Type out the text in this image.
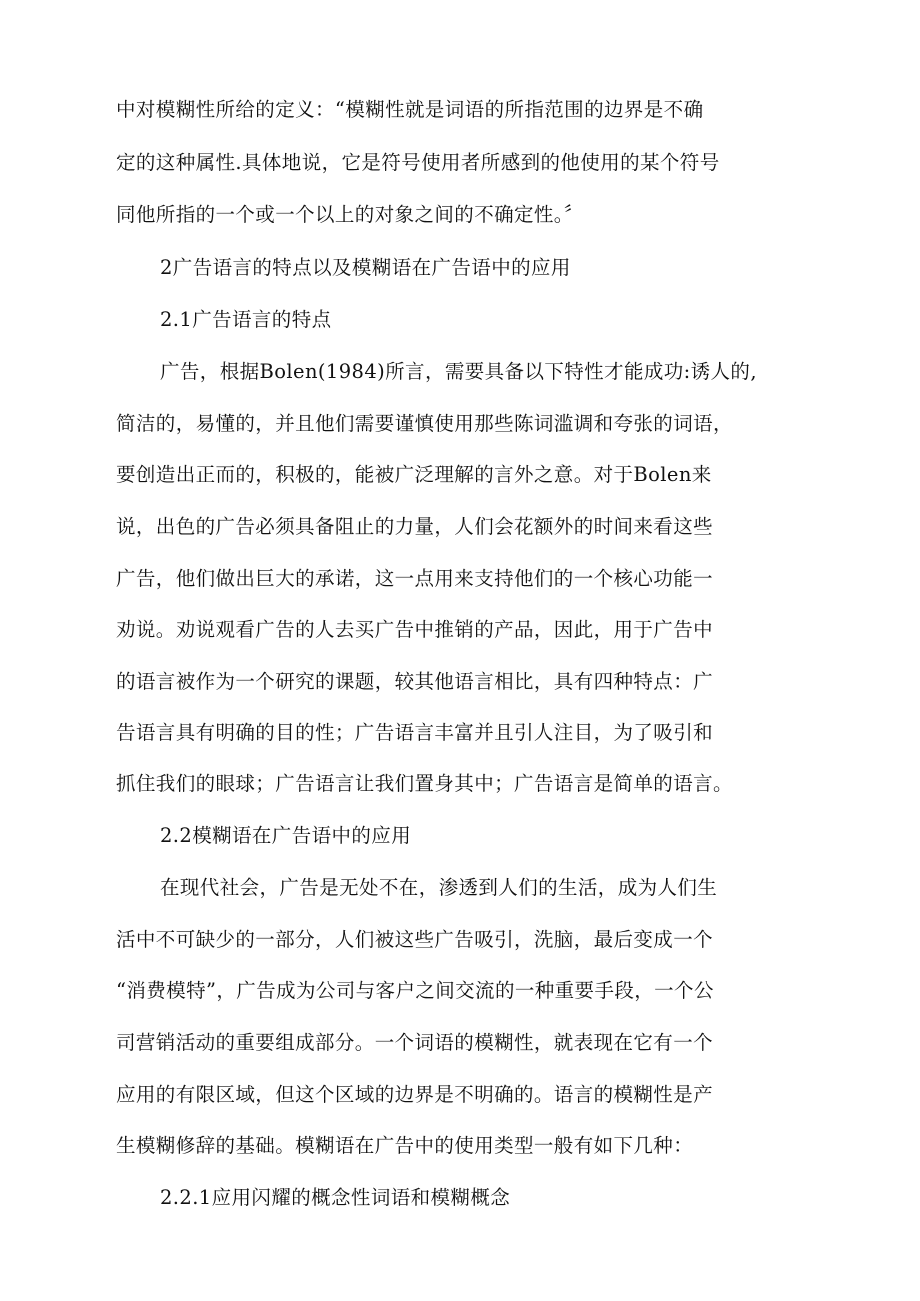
中对模糊性所给的定义：“模糊性就是词语的所指范围的边界是不确
定的这种属性.具体地说，它是符号使用者所感到的他使用的某个符号
同他所指的一个或一个以上的对象之间的不确定性。〞
2广告语言的特点以及模糊语在广告语中的应用
2.1广告语言的特点
广告，根据Bolen(1984)所言，需要具备以下特性才能成功:诱人的,
简洁的，易懂的，并且他们需要谨慎使用那些陈词滥调和夸张的词语，
要创造出正而的，积极的，能被广泛理解的言外之意。对于Bolen来
说，出色的广告必须具备阻止的力量，人们会花额外的时间来看这些
广告，他们做出巨大的承诺，这一点用来支持他们的一个核心功能一
劝说。劝说观看广告的人去买广告中推销的产品，因此，用于广告中
的语言被作为一个研究的课题，较其他语言相比，具有四种特点：广
告语言具有明确的目的性；广告语言丰富并且引人注目，为了吸引和
抓住我们的眼球；广告语言让我们置身其中；广告语言是简单的语言。
2.2模糊语在广告语中的应用
在现代社会，广告是无处不在，渗透到人们的生活，成为人们生
活中不可缺少的一部分，人们被这些广告吸引，洗脑，最后变成一个
“消费模特”，广告成为公司与客户之间交流的一种重要手段，一个公
司营销活动的重要组成部分。一个词语的模糊性，就表现在它有一个
应用的有限区域，但这个区域的边界是不明确的。语言的模糊性是产
生模糊修辞的基础。模糊语在广告中的使用类型一般有如下几种：
2.2.1应用闪耀的概念性词语和模糊概念
